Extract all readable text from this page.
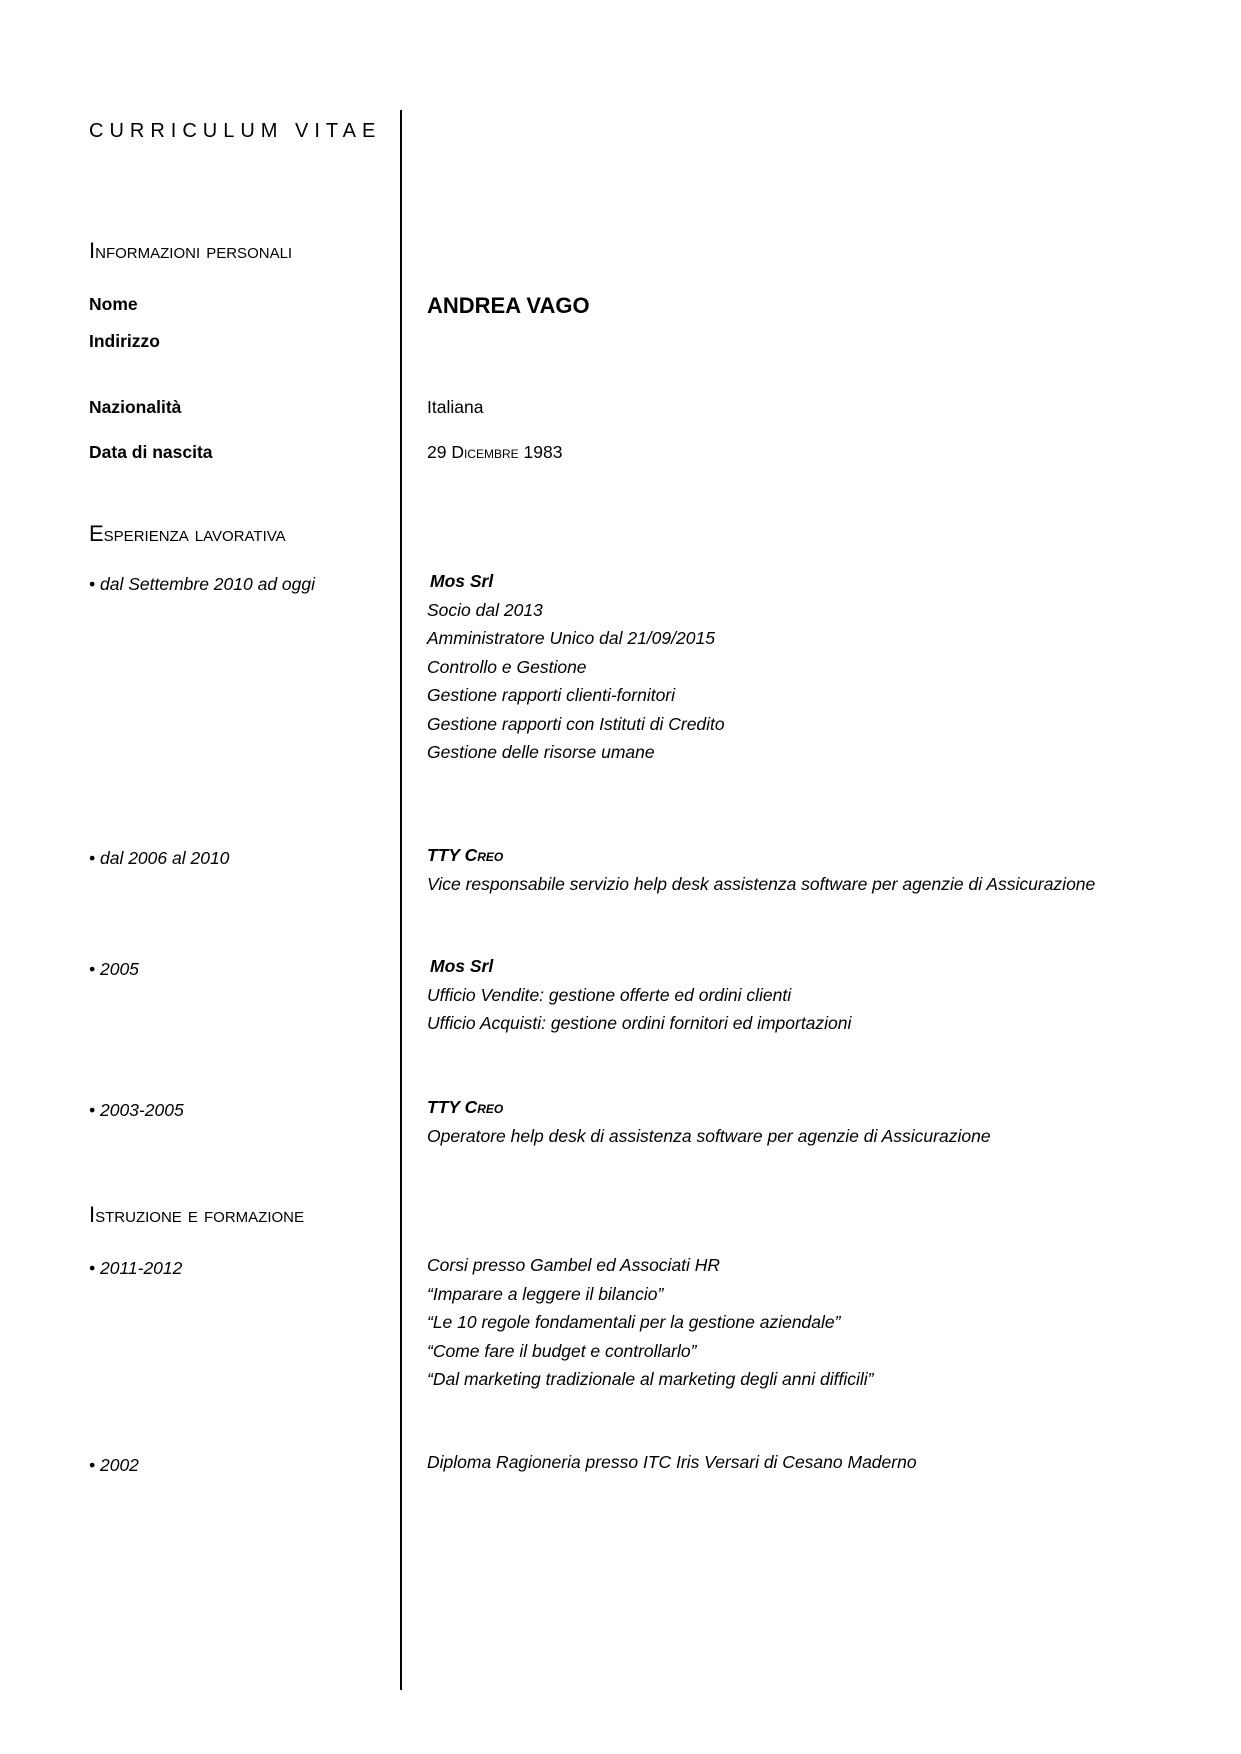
CURRICULUM VITAE
Informazioni personali
Nome	ANDREA VAGO
Indirizzo
Nazionalità	Italiana
Data di nascita	29 Dicembre 1983
Esperienza lavorativa
• dal Settembre 2010 ad oggi	Mos Srl
Socio dal 2013
Amministratore Unico dal 21/09/2015
Controllo e Gestione
Gestione rapporti clienti-fornitori
Gestione rapporti con Istituti di Credito
Gestione delle risorse umane
• dal 2006 al 2010	TTY Creo
Vice responsabile servizio help desk assistenza software per agenzie di Assicurazione
• 2005	Mos Srl
Ufficio Vendite: gestione offerte ed ordini clienti
Ufficio Acquisti: gestione ordini fornitori ed importazioni
• 2003-2005	TTY Creo
Operatore help desk di assistenza software per agenzie di Assicurazione
Istruzione e formazione
• 2011-2012	Corsi presso Gambel ed Associati HR
“Imparare a leggere il bilancio”
“Le 10 regole fondamentali per la gestione aziendale”
“Come fare il budget e controllarlo”
“Dal marketing tradizionale al marketing degli anni difficili”
• 2002	Diploma Ragioneria presso ITC Iris Versari di Cesano Maderno
